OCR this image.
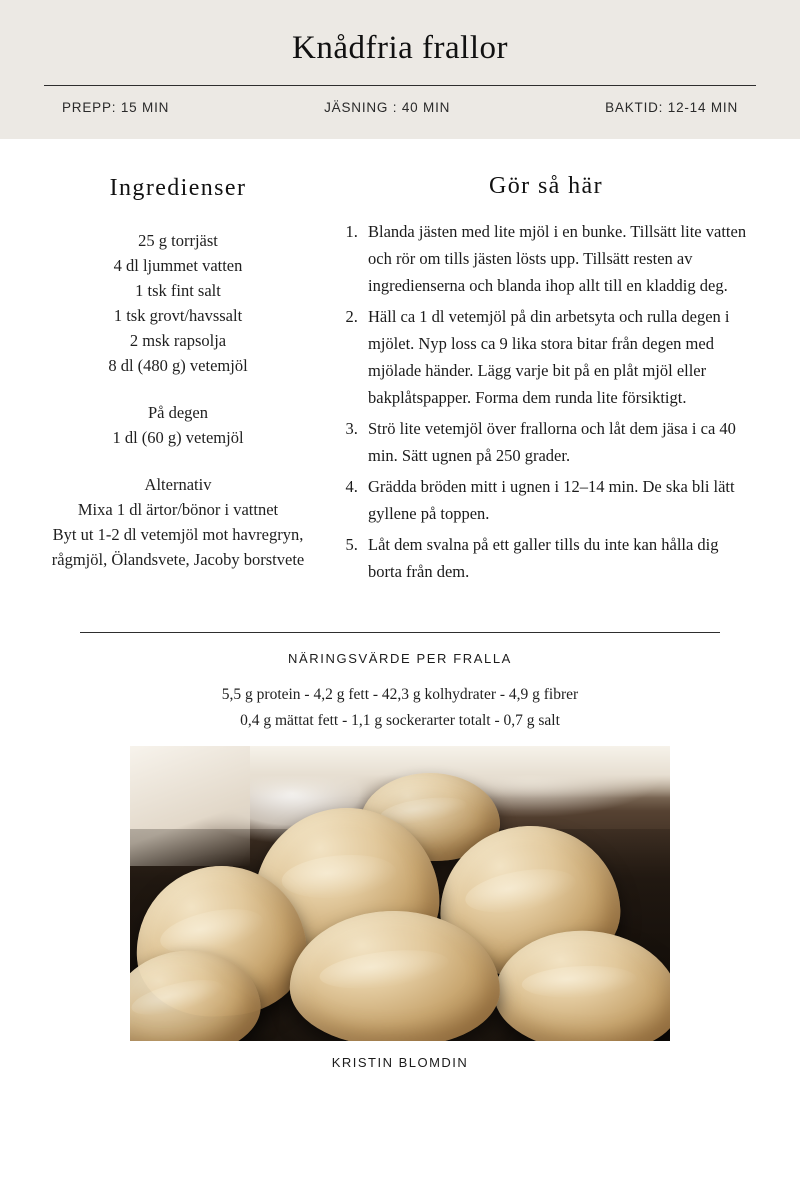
Knådfria frallor
PREPP: 15 MIN	JÄSNING : 40 MIN	BAKTID: 12-14 MIN
Ingredienser
25 g torrjäst
4 dl ljummet vatten
1 tsk fint salt
1 tsk grovt/havssalt
2 msk rapsolja
8 dl (480 g) vetemjöl
På degen
1 dl (60 g) vetemjöl
Alternativ
Mixa 1 dl ärtor/bönor i vattnet
Byt ut 1-2 dl vetemjöl mot havregryn, rågmjöl, Ölandsvete, Jacoby borstvete
Gör så här
1. Blanda jästen med lite mjöl i en bunke. Tillsätt lite vatten och rör om tills jästen lösts upp. Tillsätt resten av ingredienserna och blanda ihop allt till en kladdig deg.
2. Häll ca 1 dl vetemjöl på din arbetsyta och rulla degen i mjölet. Nyp loss ca 9 lika stora bitar från degen med mjölade händer. Lägg varje bit på en plåt mjöl eller bakplåtspapper. Forma dem runda lite försiktigt.
3. Strö lite vetemjöl över frallorna och låt dem jäsa i ca 40 min. Sätt ugnen på 250 grader.
4. Grädda bröden mitt i ugnen i 12–14 min. De ska bli lätt gyllene på toppen.
5. Låt dem svalna på ett galler tills du inte kan hålla dig borta från dem.
NÄRINGSVÄRDE PER FRALLA
5,5 g protein - 4,2 g fett - 42,3 g kolhydrater - 4,9 g fibrer
0,4 g mättat fett - 1,1 g sockerarter totalt - 0,7 g salt
KRISTIN BLOMDIN
